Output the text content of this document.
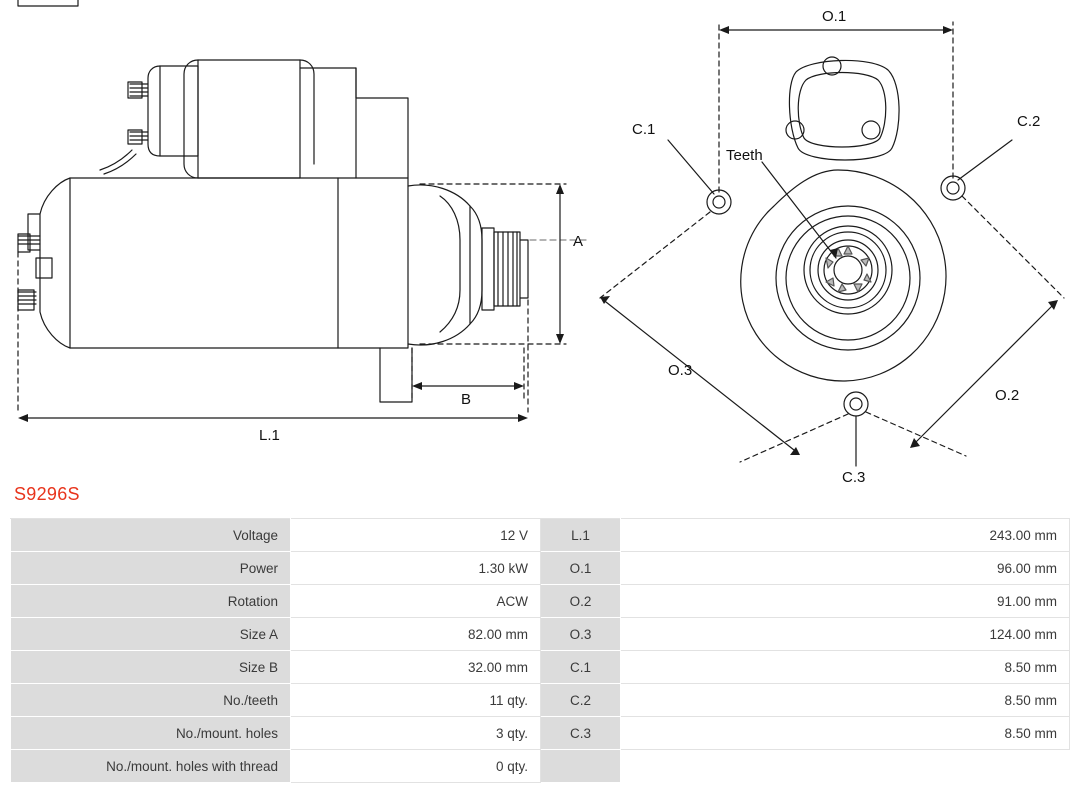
A
B
L.1
O.1
O.2
O.3
C.1	C.2
C.3
Teeth
S9296S
Voltage	12 V	L.1	243.00 mm
Power	1.30 kW	O.1	96.00 mm
Rotation	ACW	O.2	91.00 mm
Size A	82.00 mm	O.3	124.00 mm
Size B	32.00 mm	C.1	8.50 mm
No./teeth	11 qty.	C.2	8.50 mm
No./mount. holes	3 qty.	C.3	8.50 mm
No./mount. holes with thread	0 qty.		
